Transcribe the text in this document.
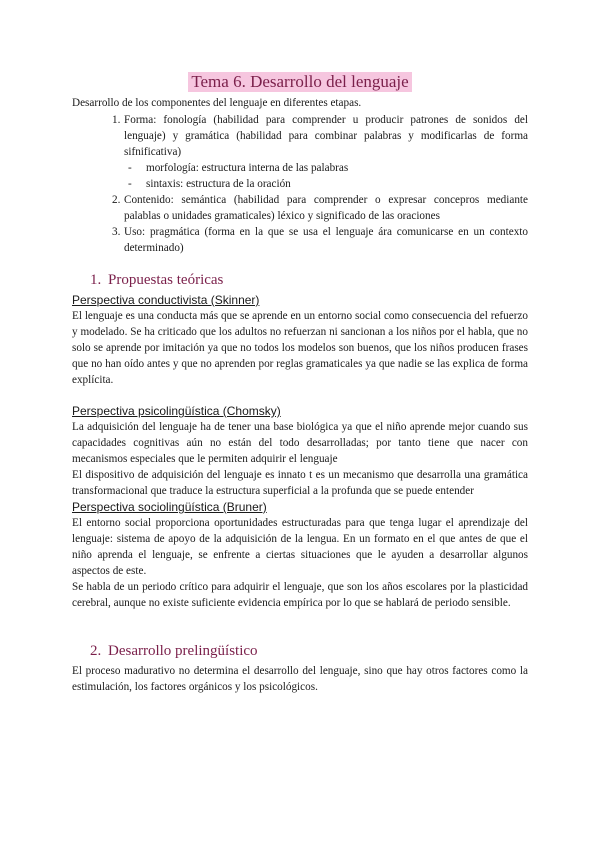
Tema 6. Desarrollo del lenguaje

Desarrollo de los componentes del lenguaje en diferentes etapas.

1. Forma: fonología (habilidad para comprender u producir patrones de sonidos del lenguaje) y gramática (habilidad para combinar palabras y modificarlas de forma sifnificativa)
- morfología: estructura interna de las palabras
- sintaxis: estructura de la oración
2. Contenido: semántica (habilidad para comprender o expresar concepros mediante palablas o unidades gramaticales) léxico y significado de las oraciones
3. Uso: pragmática (forma en la que se usa el lenguaje ára comunicarse en un contexto determinado)
1. Propuestas teóricas
Perspectiva conductivista (Skinner)

El lenguaje es una conducta más que se aprende en un entorno social como consecuencia del refuerzo y modelado. Se ha criticado que los adultos no refuerzan ni sancionan a los niños por el habla, que no solo se aprende por imitación ya que no todos los modelos son buenos, que los niños producen frases que no han oído antes y que no aprenden por reglas gramaticales ya que nadie se las explica de forma explícita.

Perspectiva psicolingüística (Chomsky)

La adquisición del lenguaje ha de tener una base biológica ya que el niño aprende mejor cuando sus capacidades cognitivas aún no están del todo desarrolladas; por tanto tiene que nacer con mecanismos especiales que le permiten adquirir el lenguaje

El dispositivo de adquisición del lenguaje es innato t es un mecanismo que desarrolla una gramática transformacional que traduce la estructura superficial a la profunda que se puede entender

Perspectiva sociolingüística (Bruner)

El entorno social proporciona oportunidades estructuradas para que tenga lugar el aprendizaje del lenguaje: sistema de apoyo de la adquisición de la lengua. En un formato en el que antes de que el niño aprenda el lenguaje, se enfrente a ciertas situaciones que le ayuden a desarrollar algunos aspectos de este.

Se habla de un periodo crítico para adquirir el lenguaje, que son los años escolares por la plasticidad cerebral, aunque no existe suficiente evidencia empírica por lo que se hablará de periodo sensible.

2. Desarrollo prelingüístico

El proceso madurativo no determina el desarrollo del lenguaje, sino que hay otros factores como la estimulación, los factores orgánicos y los psicológicos.
